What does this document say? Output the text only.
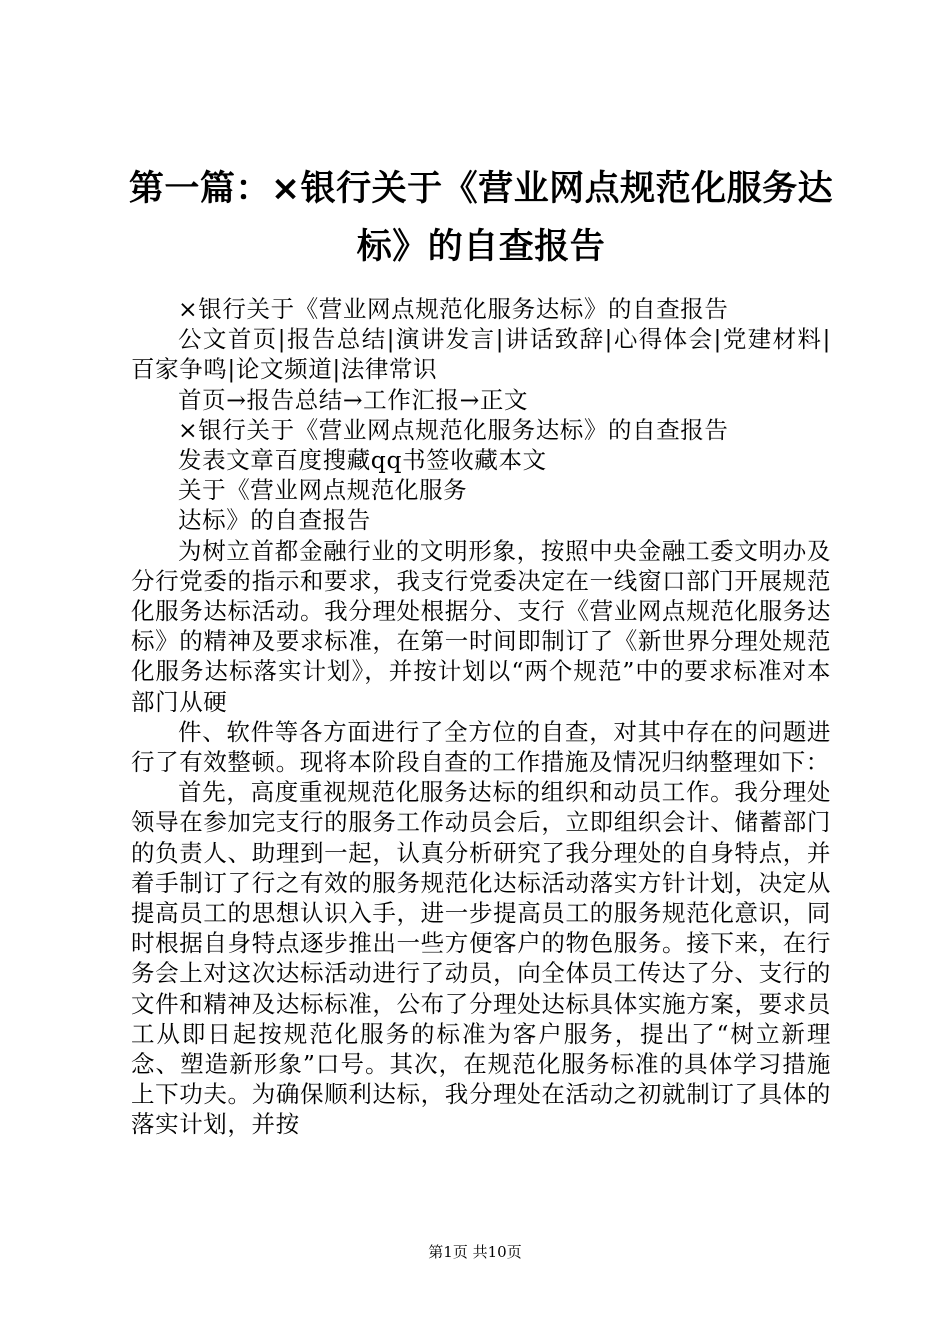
第一篇：×银行关于《营业网点规范化服务达标》的自查报告

×银行关于《营业网点规范化服务达标》的自查报告

公文首页|报告总结|演讲发言|讲话致辞|心得体会|党建材料|百家争鸣|论文频道|法律常识

首页→报告总结→工作汇报→正文

×银行关于《营业网点规范化服务达标》的自查报告

发表文章百度搜藏qq书签收藏本文

关于《营业网点规范化服务

达标》的自查报告

为树立首都金融行业的文明形象，按照中央金融工委文明办及分行党委的指示和要求，我支行党委决定在一线窗口部门开展规范化服务达标活动。我分理处根据分、支行《营业网点规范化服务达标》的精神及要求标准，在第一时间即制订了《新世界分理处规范化服务达标落实计划》，并按计划以“两个规范”中的要求标准对本部门从硬

件、软件等各方面进行了全方位的自查，对其中存在的问题进行了有效整顿。现将本阶段自查的工作措施及情况归纳整理如下：

首先，高度重视规范化服务达标的组织和动员工作。我分理处领导在参加完支行的服务工作动员会后，立即组织会计、储蓄部门的负责人、助理到一起，认真分析研究了我分理处的自身特点，并着手制订了行之有效的服务规范化达标活动落实方针计划，决定从提高员工的思想认识入手，进一步提高员工的服务规范化意识，同时根据自身特点逐步推出一些方便客户的物色服务。接下来，在行务会上对这次达标活动进行了动员，向全体员工传达了分、支行的文件和精神及达标标准，公布了分理处达标具体实施方案，要求员工从即日起按规范化服务的标准为客户服务，提出了“树立新理念、塑造新形象”口号。其次，在规范化服务标准的具体学习措施上下功夫。为确保顺利达标，我分理处在活动之初就制订了具体的落实计划，并按

第1页 共10页
